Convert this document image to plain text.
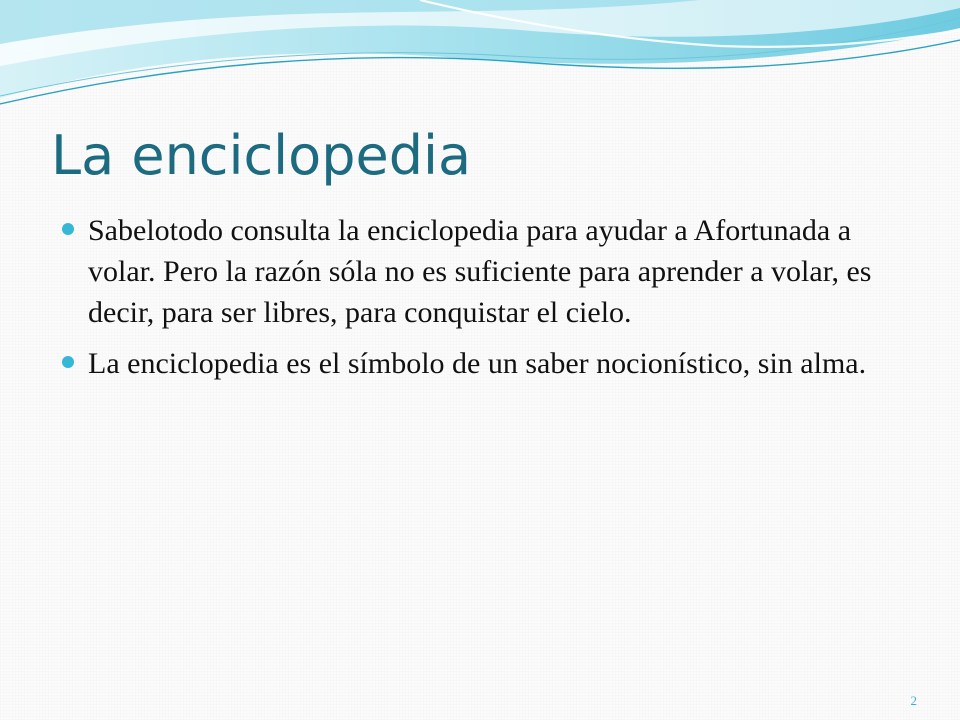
La enciclopedia
Sabelotodo consulta la enciclopedia para ayudar a Afortunada a volar. Pero la razón sóla no es suficiente para aprender a volar, es decir, para ser libres, para conquistar el cielo.
La enciclopedia es el símbolo de un saber nocionístico, sin alma.
2
